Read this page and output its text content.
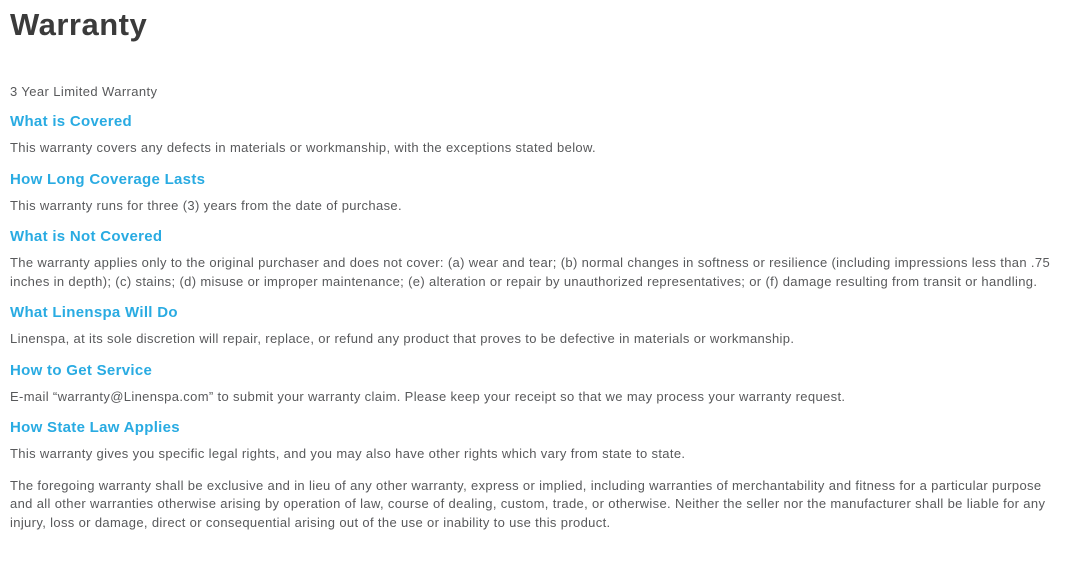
Warranty

3 Year Limited Warranty

What is Covered

This warranty covers any defects in materials or workmanship, with the exceptions stated below.

How Long Coverage Lasts

This warranty runs for three (3) years from the date of purchase.

What is Not Covered

The warranty applies only to the original purchaser and does not cover: (a) wear and tear; (b) normal changes in softness or resilience (including impressions less than .75 inches in depth); (c) stains; (d) misuse or improper maintenance; (e) alteration or repair by unauthorized representatives; or (f) damage resulting from transit or handling.

What Linenspa Will Do

Linenspa, at its sole discretion will repair, replace, or refund any product that proves to be defective in materials or workmanship.

How to Get Service

E-mail “warranty@Linenspa.com” to submit your warranty claim. Please keep your receipt so that we may process your warranty request.

How State Law Applies

This warranty gives you specific legal rights, and you may also have other rights which vary from state to state.

The foregoing warranty shall be exclusive and in lieu of any other warranty, express or implied, including warranties of merchantability and fitness for a particular purpose and all other warranties otherwise arising by operation of law, course of dealing, custom, trade, or otherwise. Neither the seller nor the manufacturer shall be liable for any injury, loss or damage, direct or consequential arising out of the use or inability to use this product.
